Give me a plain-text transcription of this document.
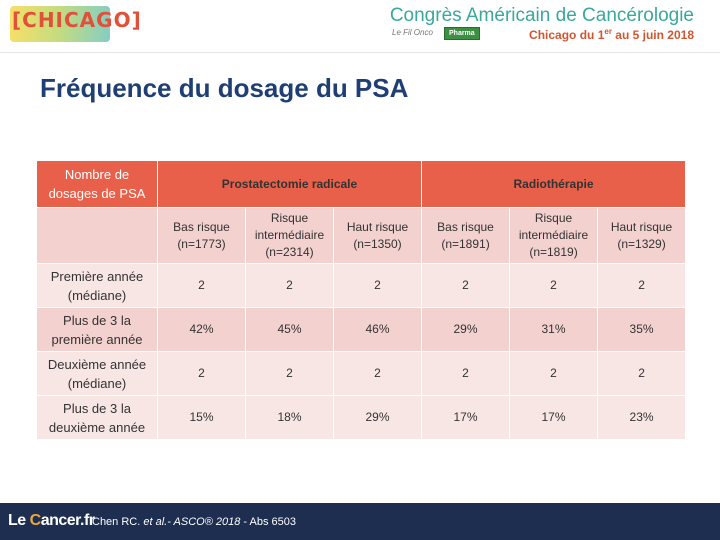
[CHICAGO]	Congrès Américain de Cancérologie
Le Fil Onco	Pharma	Chicago du 1er au 5 juin 2018
Fréquence du dosage du PSA
Nombre de dosages de PSA	Prostatectomie radicale			Radiothérapie		
	Bas risque (n=1773)	Risque intermédiaire (n=2314)	Haut risque (n=1350)	Bas risque (n=1891)	Risque intermédiaire (n=1819)	Haut risque (n=1329)
Première année (médiane)	2	2	2	2	2	2
Plus de 3 la première année	42%	45%	46%	29%	31%	35%
Deuxième année (médiane)	2	2	2	2	2	2
Plus de 3 la deuxième année	15%	18%	29%	17%	17%	23%
Le Cancer.fr
Chen RC. et al.- ASCO® 2018 - Abs 6503
